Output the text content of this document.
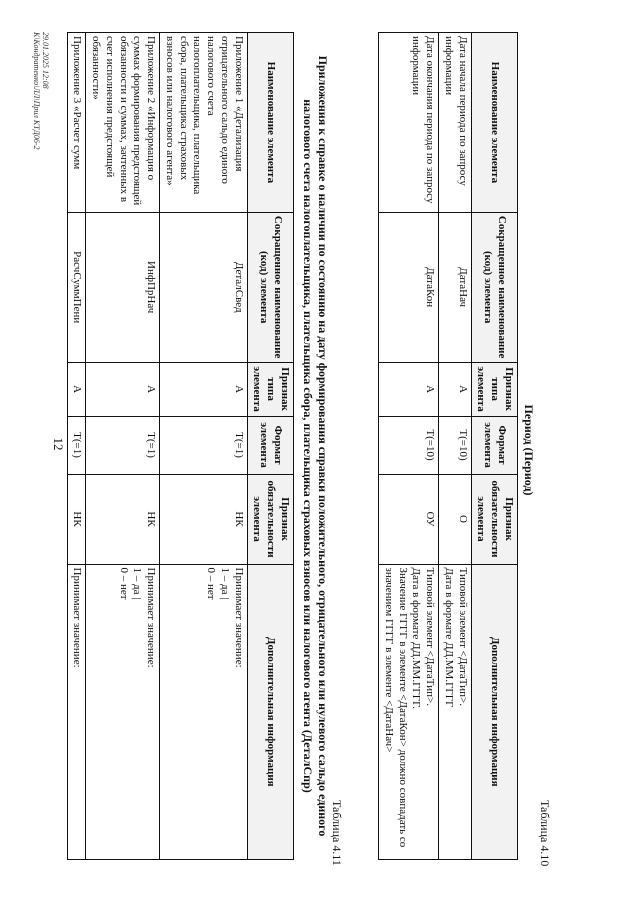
12
Таблица 4.10
Период (Период)
Наименование элемента	Сокращенное наименование (код) элемента	Признак типа элемента	Формат элемента	Признак обязательности элемента	Дополнительная информация
Дата начала периода по запросу информации	ДатаНач	А	T(=10)	О	Типовой элемент <ДатаТип>.
Дата в формате ДД.ММ.ГГГГ
Дата окончания периода по запросу информации	ДатаКон	А	T(=10)	ОУ	Типовой элемент <ДатаТип>.
Дата в формате ДД.ММ.ГГГГ.
Значение ГГГГ в элементе <ДатаКон> должно совпадать со значением ГГГГ в элементе <ДатаНач>
Таблица 4.11
Приложения к справке о наличии по состоянию на дату формирования справки положительного, отрицательного или нулевого сальдо единого налогового счета налогоплательщика, плательщика сбора, плательщика страховых взносов или налогового агента (ДеталСпр)
Наименование элемента	Сокращенное наименование (код) элемента	Признак типа элемента	Формат элемента	Признак обязательности элемента	Дополнительная информация
Приложение 1 «Детализация отрицательного сальдо единого налогового счета налогоплательщика, плательщика сбора, плательщика страховых взносов или налогового агента»	ДеталСвед	А	T(=1)	НК	Принимает значение:
1 – да |
0 – нет
Приложение 2 «Информация о суммах формирования предстоящей обязанности и суммах, зачтенных в счет исполнения предстоящей обязанности»	ИнфПрНач	А	T(=1)	НК	Принимает значение:
1 – да |
0 – нет
Приложение 3 «Расчет сумм	РасчСуммПени	А	T(=1)	НК	Принимает значение:
29.01.2025 12:08
К\Кондратенко\ЛЛ\Прил КТД06-2
